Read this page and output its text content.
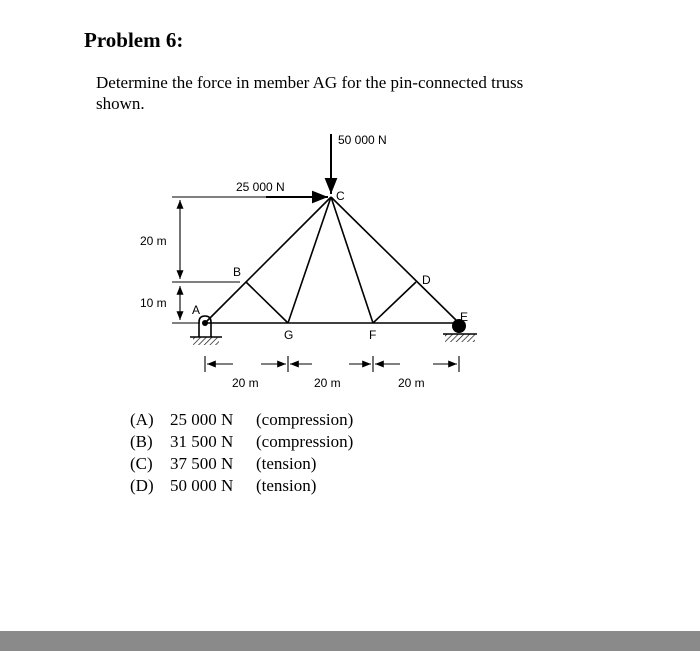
Problem 6:

Determine the force in member AG for the pin-connected truss shown.

50 000 N
25 000 N
A
B
C
D
E
F
G
20 m
10 m
20 m	20 m	20 m
(A) 25 000 N	(compression)
(B)	31 500 N	(compression)
(C)	37 500 N	(tension)
(D) 50 000 N	(tension)
